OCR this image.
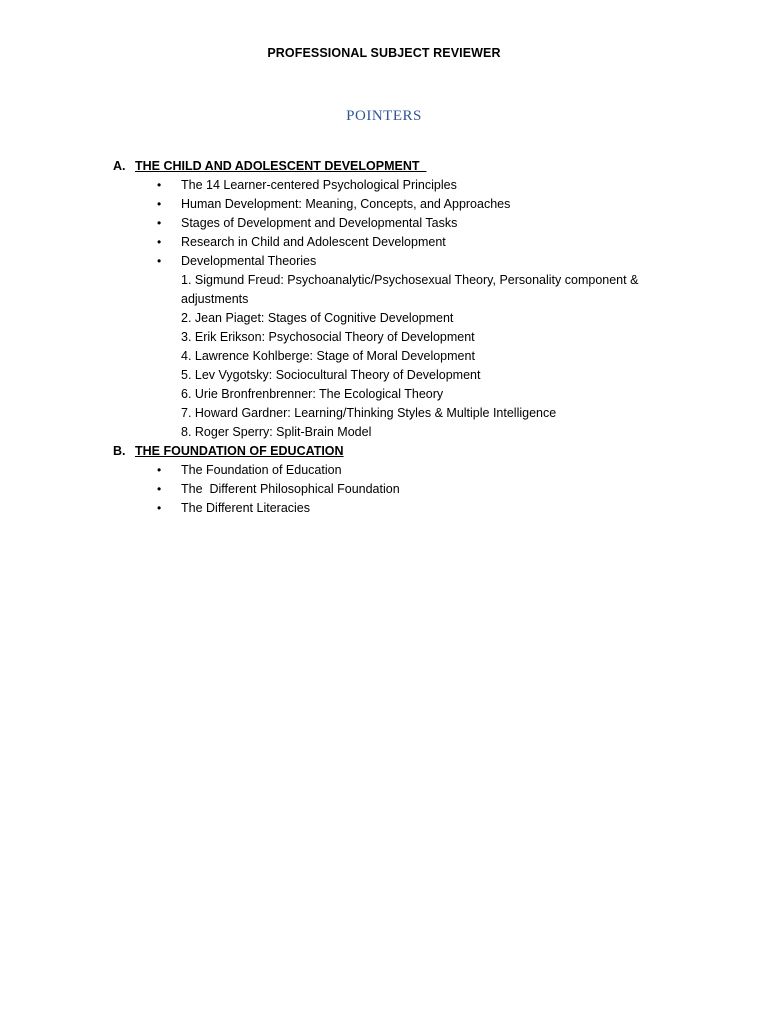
PROFESSIONAL SUBJECT REVIEWER
POINTERS
A. THE CHILD AND ADOLESCENT DEVELOPMENT
• The 14 Learner-centered Psychological Principles
• Human Development: Meaning, Concepts, and Approaches
• Stages of Development and Developmental Tasks
• Research in Child and Adolescent Development
• Developmental Theories
1. Sigmund Freud: Psychoanalytic/Psychosexual Theory, Personality component & adjustments
2. Jean Piaget: Stages of Cognitive Development
3. Erik Erikson: Psychosocial Theory of Development
4. Lawrence Kohlberge: Stage of Moral Development
5. Lev Vygotsky: Sociocultural Theory of Development
6. Urie Bronfrenbrenner: The Ecological Theory
7. Howard Gardner: Learning/Thinking Styles & Multiple Intelligence
8. Roger Sperry: Split-Brain Model
B. THE FOUNDATION OF EDUCATION
• The Foundation of Education
• The  Different Philosophical Foundation
• The Different Literacies
